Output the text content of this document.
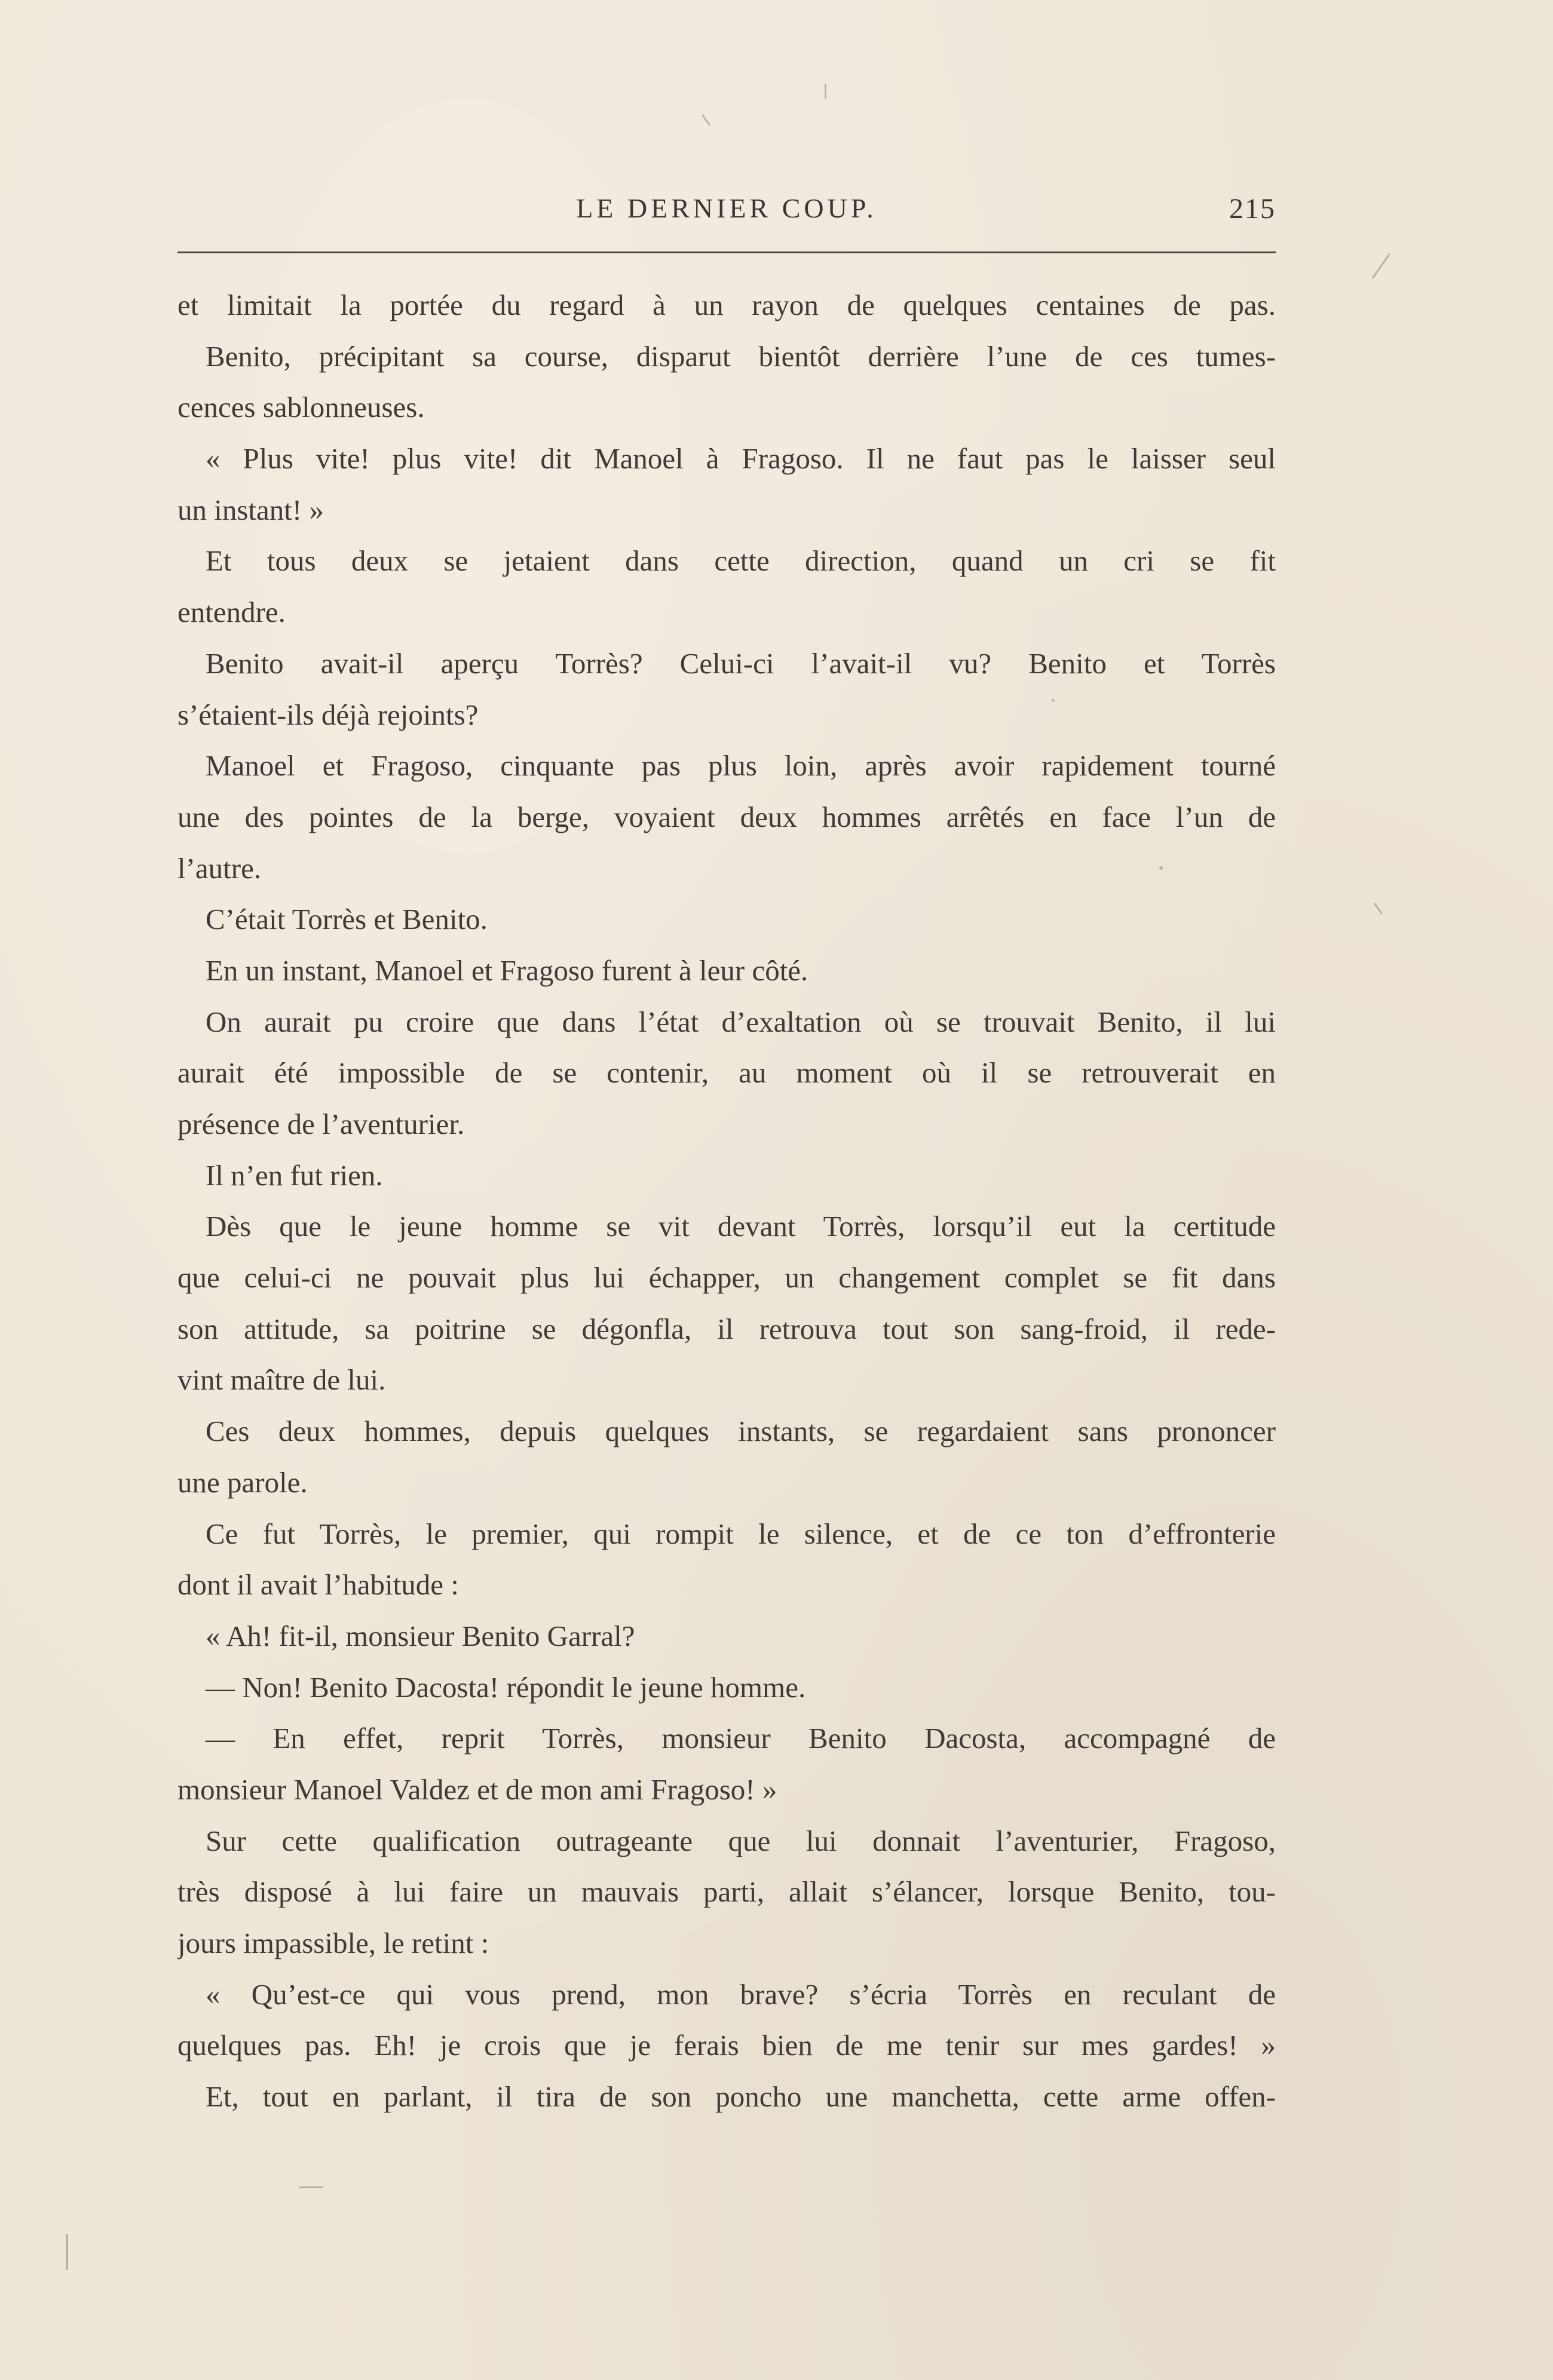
LE DERNIER COUP.	215
et limitait la portée du regard à un rayon de quelques centaines de pas.
Benito, précipitant sa course, disparut bientôt derrière l’une de ces tumes-
cences sablonneuses.
« Plus vite! plus vite! dit Manoel à Fragoso. Il ne faut pas le laisser seul
un instant! »
Et tous deux se jetaient dans cette direction, quand un cri se fit
entendre.
Benito avait-il aperçu Torrès? Celui-ci l’avait-il vu? Benito et Torrès
s’étaient-ils déjà rejoints?
Manoel et Fragoso, cinquante pas plus loin, après avoir rapidement tourné
une des pointes de la berge, voyaient deux hommes arrêtés en face l’un de
l’autre.
C’était Torrès et Benito.
En un instant, Manoel et Fragoso furent à leur côté.
On aurait pu croire que dans l’état d’exaltation où se trouvait Benito, il lui
aurait été impossible de se contenir, au moment où il se retrouverait en
présence de l’aventurier.
Il n’en fut rien.
Dès que le jeune homme se vit devant Torrès, lorsqu’il eut la certitude
que celui-ci ne pouvait plus lui échapper, un changement complet se fit dans
son attitude, sa poitrine se dégonfla, il retrouva tout son sang-froid, il rede-
vint maître de lui.
Ces deux hommes, depuis quelques instants, se regardaient sans prononcer
une parole.
Ce fut Torrès, le premier, qui rompit le silence, et de ce ton d’effronterie
dont il avait l’habitude :
« Ah! fit-il, monsieur Benito Garral?
— Non! Benito Dacosta! répondit le jeune homme.
— En effet, reprit Torrès, monsieur Benito Dacosta, accompagné de
monsieur Manoel Valdez et de mon ami Fragoso! »
Sur cette qualification outrageante que lui donnait l’aventurier, Fragoso,
très disposé à lui faire un mauvais parti, allait s’élancer, lorsque Benito, tou-
jours impassible, le retint :
« Qu’est-ce qui vous prend, mon brave? s’écria Torrès en reculant de
quelques pas. Eh! je crois que je ferais bien de me tenir sur mes gardes! »
Et, tout en parlant, il tira de son poncho une manchetta, cette arme offen-
